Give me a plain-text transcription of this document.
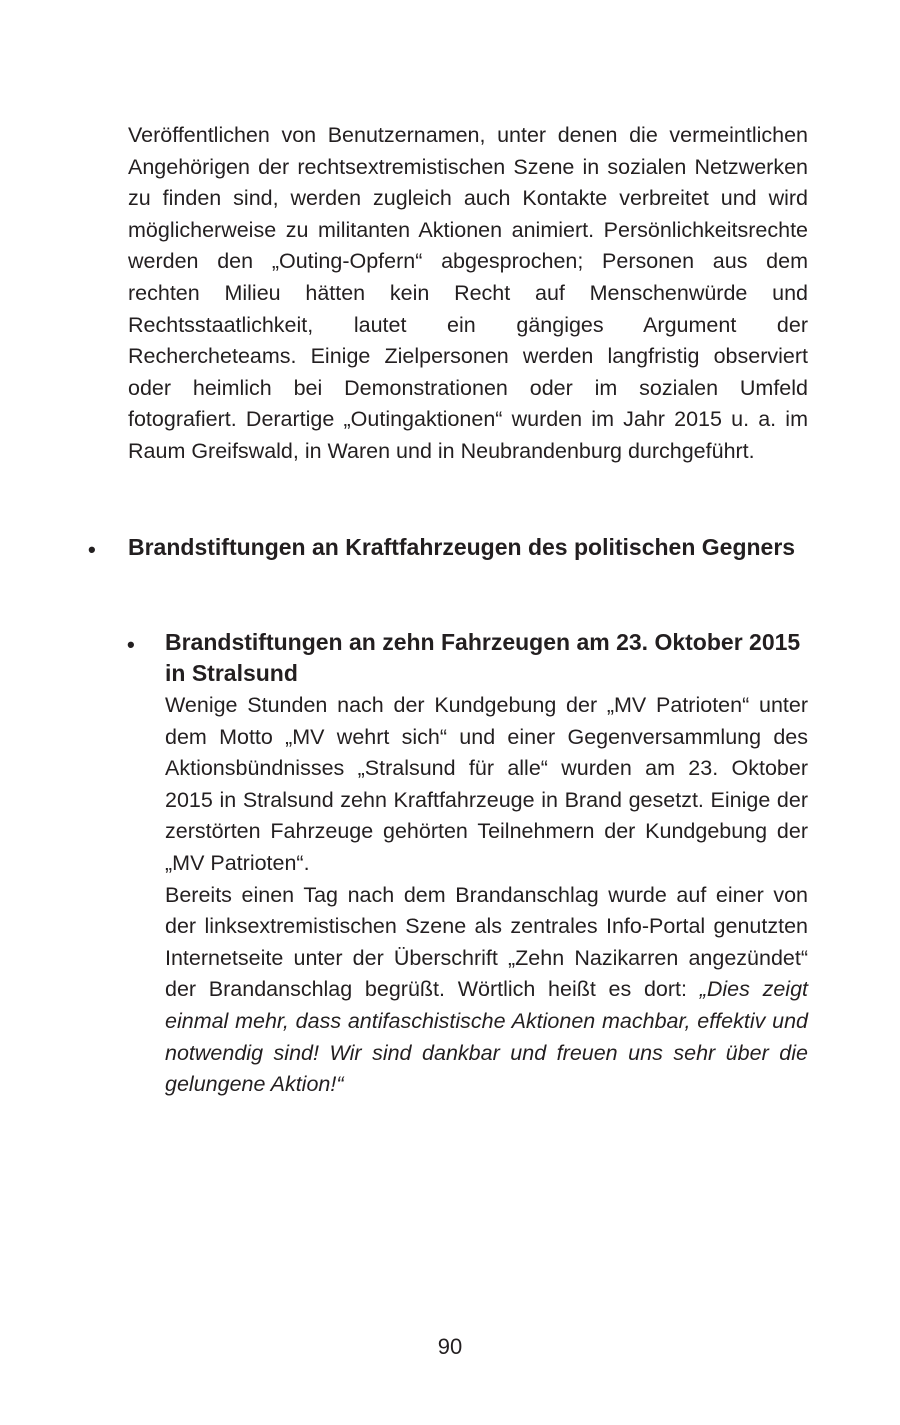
Veröffentlichen von Benutzernamen, unter denen die vermeintlichen Angehörigen der rechtsextremistischen Szene in sozialen Netzwerken zu finden sind, werden zugleich auch Kontakte verbreitet und wird möglicherweise zu militanten Aktionen animiert. Persönlichkeitsrechte werden den „Outing-Opfern“ abgesprochen; Personen aus dem rechten Milieu hätten kein Recht auf Menschenwürde und Rechtsstaatlichkeit, lautet ein gängiges Argument der Rechercheteams. Einige Zielpersonen werden langfristig observiert oder heimlich bei Demonstrationen oder im sozialen Umfeld fotografiert. Derartige „Outingaktionen“ wurden im Jahr 2015 u. a. im Raum Greifswald, in Waren und in Neubrandenburg durchgeführt.

• Brandstiftungen an Kraftfahrzeugen des politischen Gegners
• Brandstiftungen an zehn Fahrzeugen am 23. Oktober 2015 in Stralsund

Wenige Stunden nach der Kundgebung der „MV Patrioten“ unter dem Motto „MV wehrt sich“ und einer Gegenversammlung des Aktionsbündnisses „Stralsund für alle“ wurden am 23. Oktober 2015 in Stralsund zehn Kraftfahrzeuge in Brand gesetzt. Einige der zerstörten Fahrzeuge gehörten Teilnehmern der Kundgebung der „MV Patrioten“.

Bereits einen Tag nach dem Brandanschlag wurde auf einer von der linksextremistischen Szene als zentrales Info-Portal genutzten Internetseite unter der Überschrift „Zehn Nazikarren angezündet“ der Brandanschlag begrüßt. Wörtlich heißt es dort: „Dies zeigt einmal mehr, dass antifaschistische Aktionen machbar, effektiv und notwendig sind! Wir sind dankbar und freuen uns sehr über die gelungene Aktion!“

90
